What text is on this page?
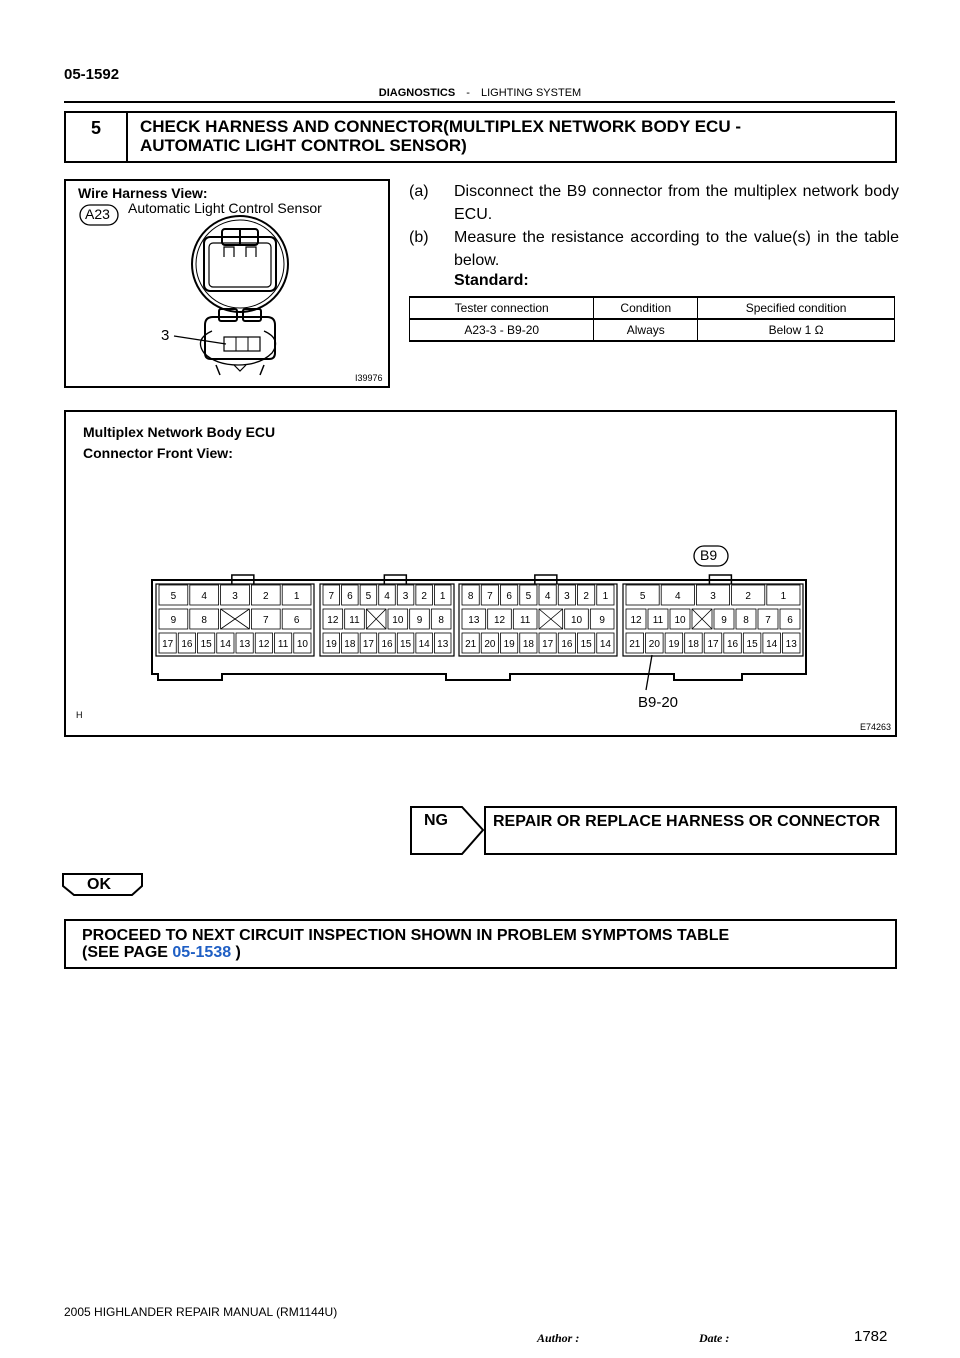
05-1592
DIAGNOSTICS - LIGHTING SYSTEM
5	CHECK HARNESS AND CONNECTOR(MULTIPLEX NETWORK BODY ECU -
AUTOMATIC LIGHT CONTROL SENSOR)
Wire Harness View:
A23 Automatic Light Control Sensor
3
I39976
(a)	Disconnect the B9 connector from the multiplex network body ECU.
(b)	Measure the resistance according to the value(s) in the table below.
Standard:
Tester connection	Condition	Specified condition
A23-3 - B9-20	Always	Below 1 Ω
Multiplex Network Body ECU
Connector Front View:
5	4	3	2	1
9	8	7	6
17 16 15 14 13 12 11 10
7 6 5 4 3 2 1
12 11	10 9 8
19 18 17 16 15 14 13
8 7 6 5 4 3 2 1
13 12 11	10 9
21 20 19 18 17 16 15 14
5	4	3	2	1
12 11 10	9 8 7 6
21 20 19 18 17 16 15 14 13
B9
B9-20
H
E74263
NG	REPAIR OR REPLACE HARNESS OR CONNECTOR
OK
PROCEED TO NEXT CIRCUIT INSPECTION SHOWN IN PROBLEM SYMPTOMS TABLE
(SEE PAGE 05-1538 )
2005 HIGHLANDER REPAIR MANUAL (RM1144U)
Author :	Date :	1782
